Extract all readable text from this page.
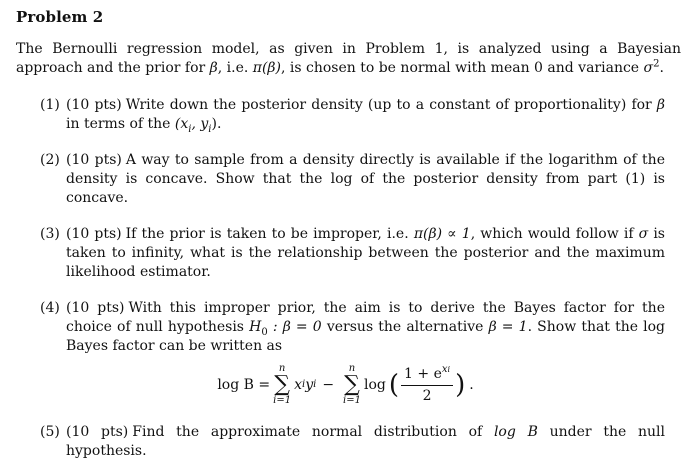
Problem 2

The Bernoulli regression model, as given in Problem 1, is analyzed using a Bayesian approach and the prior for β, i.e. π(β), is chosen to be normal with mean 0 and variance $\sigma^2$.

(1) (10 pts) Write down the posterior density (up to a constant of proportionality) for β in terms of the ($x_i$, $y_i$).
(2) (10 pts) A way to sample from a density directly is available if the logarithm of the density is concave. Show that the log of the posterior density from part (1) is concave.
(3) (10 pts) If the prior is taken to be improper, i.e. π(β) ∝ 1, which would follow if σ is taken to infinity, what is the relationship between the posterior and the maximum likelihood estimator.
(4) (10 pts) With this improper prior, the aim is to derive the Bayes factor for the choice of null hypothesis $H_0$ : β = 0 versus the alternative β = 1. Show that the log Bayes factor can be written as
log B =
n
∑
i=1
x i y i −
n
∑
i=1
log ( $\frac{1 + e^{xi}}{2}$ ) .
(5) (10 pts) Find the approximate normal distribution of log B under the null hypothesis.
